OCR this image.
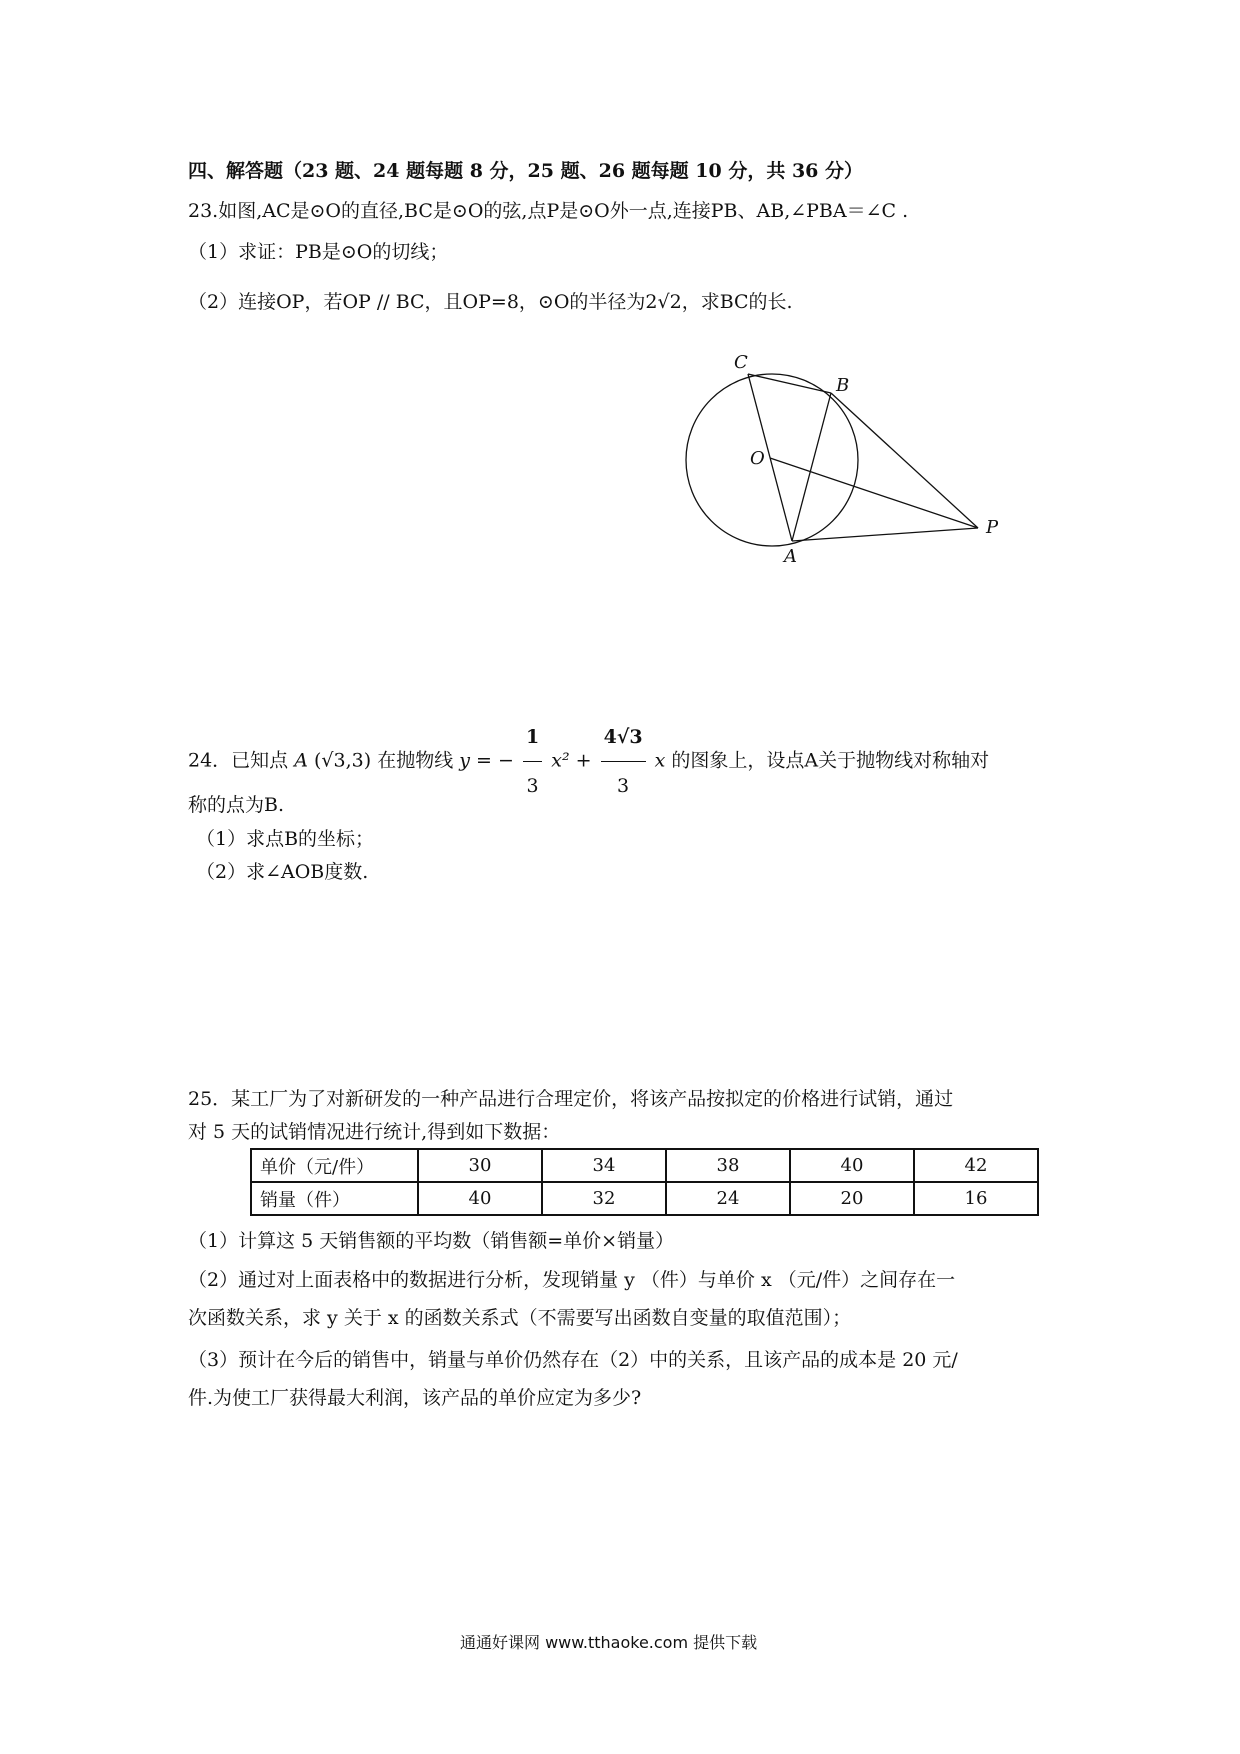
四、解答题（23 题、24 题每题 8 分，25 题、26 题每题 10 分，共 36 分）
23.如图,AC是⊙O的直径,BC是⊙O的弦,点P是⊙O外一点,连接PB、AB,∠PBA＝∠C .
（1）求证：PB是⊙O的切线；
（2）连接OP，若OP // BC，且OP=8，⊙O的半径为2√2，求BC的长.
C
B
O
P
A
24．已知点 A (√3,3) 在抛物线 y = − $\frac{1}{3} x^2 + \frac{4√3}{3}$ x 的图象上，设点A关于抛物线对称轴对
称的点为B.
（1）求点B的坐标；
（2）求∠AOB度数.
25．某工厂为了对新研发的一种产品进行合理定价，将该产品按拟定的价格进行试销，通过
对 5 天的试销情况进行统计,得到如下数据：
单价（元/件）	30	34	38	40	42
销量（件）	40	32	24	20	16
（1）计算这 5 天销售额的平均数（销售额=单价×销量）
（2）通过对上面表格中的数据进行分析，发现销量 y （件）与单价 x （元/件）之间存在一
次函数关系，求 y 关于 x 的函数关系式（不需要写出函数自变量的取值范围）；
（3）预计在今后的销售中，销量与单价仍然存在（2）中的关系，且该产品的成本是 20 元/
件.为使工厂获得最大利润，该产品的单价应定为多少?
通通好课网 www.tthaoke.com 提供下载
